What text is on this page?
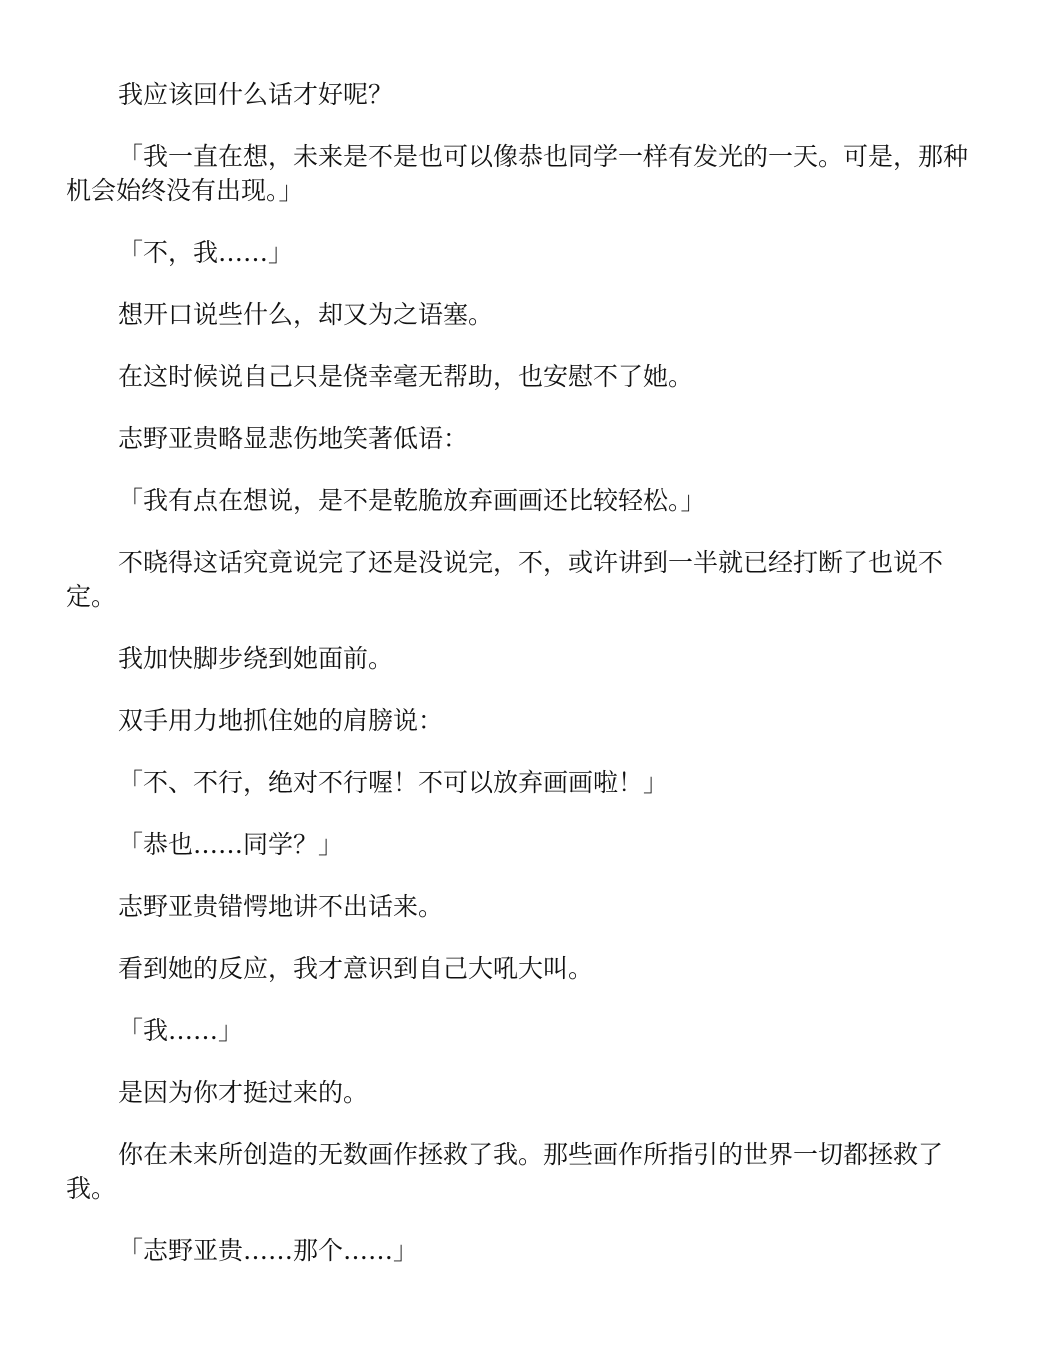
我应该回什么话才好呢？

「我一直在想，未来是不是也可以像恭也同学一样有发光的一天。可是，那种机会始终没有出现。」

「不，我……」

想开口说些什么，却又为之语塞。

在这时候说自己只是侥幸毫无帮助，也安慰不了她。

志野亚贵略显悲伤地笑著低语：

「我有点在想说，是不是乾脆放弃画画还比较轻松。」

不晓得这话究竟说完了还是没说完，不，或许讲到一半就已经打断了也说不定。

我加快脚步绕到她面前。

双手用力地抓住她的肩膀说：

「不、不行，绝对不行喔！不可以放弃画画啦！」

「恭也……同学？」

志野亚贵错愕地讲不出话来。

看到她的反应，我才意识到自己大吼大叫。

「我……」

是因为你才挺过来的。

你在未来所创造的无数画作拯救了我。那些画作所指引的世界一切都拯救了我。

「志野亚贵……那个……」
